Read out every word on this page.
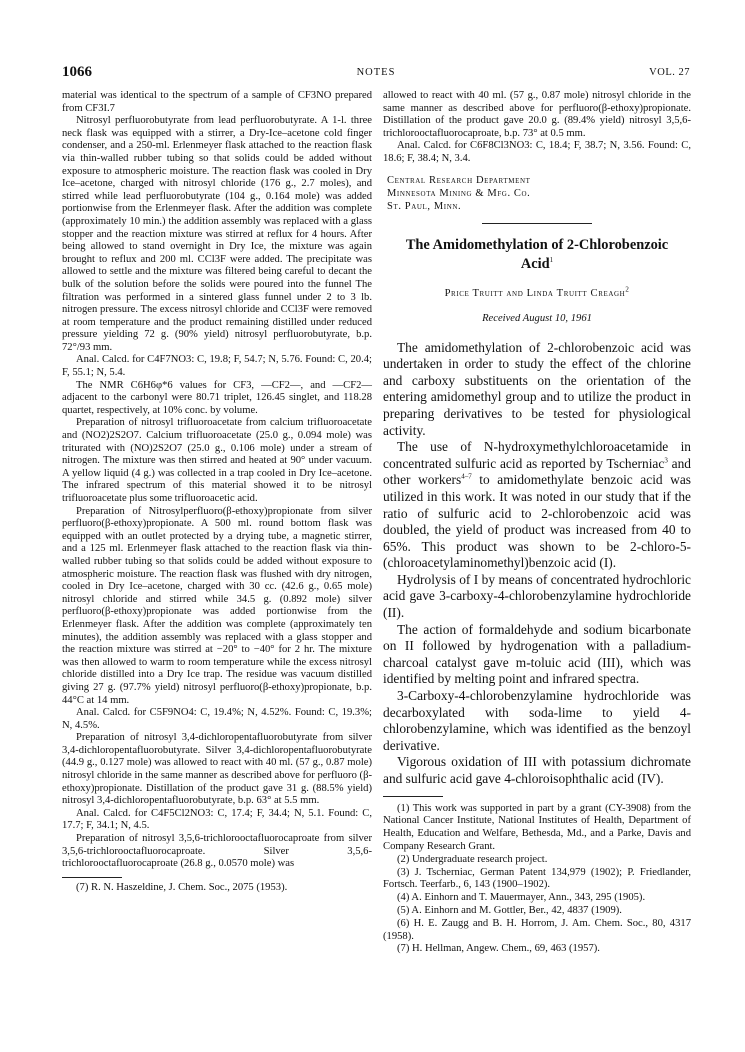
1066	NOTES	VOL. 27

material was identical to the spectrum of a sample of CF3NO prepared from CF3I.7

Nitrosyl perfluorobutyrate from lead perfluorobutyrate. A 1-l. three neck flask was equipped with a stirrer, a Dry-Ice–acetone cold finger condenser, and a 250-ml. Erlenmeyer flask attached to the reaction flask via thin-walled rubber tubing so that solids could be added without exposure to atmospheric moisture. The reaction flask was cooled in Dry Ice–acetone, charged with nitrosyl chloride (176 g., 2.7 moles), and stirred while lead perfluorobutyrate (104 g., 0.164 mole) was added portionwise from the Erlenmeyer flask. After the addition was complete (approximately 10 min.) the addition assembly was replaced with a glass stopper and the reaction mixture was stirred at reflux for 4 hours. After being allowed to stand overnight in Dry Ice, the mixture was again brought to reflux and 200 ml. CCl3F were added. The precipitate was allowed to settle and the mixture was filtered being careful to decant the bulk of the solution before the solids were poured into the funnel The filtration was performed in a sintered glass funnel under 2 to 3 lb. nitrogen pressure. The excess nitrosyl chloride and CCl3F were removed at room temperature and the product remaining distilled under reduced pressure yielding 72 g. (90% yield) nitrosyl perfluorobutyrate, b.p. 72°/93 mm.

Anal. Calcd. for C4F7NO3: C, 19.8; F, 54.7; N, 5.76. Found: C, 20.4; F, 55.1; N, 5.4.

The NMR C6H6φ*6 values for CF3, —CF2—, and —CF2— adjacent to the carbonyl were 80.71 triplet, 126.45 singlet, and 118.28 quartet, respectively, at 10% conc. by volume.

Preparation of nitrosyl trifluoroacetate from calcium trifluoroacetate and (NO2)2S2O7. Calcium trifluoroacetate (25.0 g., 0.094 mole) was triturated with (NO)2S2O7 (25.0 g., 0.106 mole) under a stream of nitrogen. The mixture was then stirred and heated at 90° under vacuum. A yellow liquid (4 g.) was collected in a trap cooled in Dry Ice–acetone. The infrared spectrum of this material showed it to be nitrosyl trifluoroacetate plus some trifluoroacetic acid.

Preparation of Nitrosylperfluoro(β-ethoxy)propionate from silver perfluoro(β-ethoxy)propionate. A 500 ml. round bottom flask was equipped with an outlet protected by a drying tube, a magnetic stirrer, and a 125 ml. Erlenmeyer flask attached to the reaction flask via thin-walled rubber tubing so that solids could be added without exposure to atmospheric moisture. The reaction flask was flushed with dry nitrogen, cooled in Dry Ice–acetone, charged with 30 cc. (42.6 g., 0.65 mole) nitrosyl chloride and stirred while 34.5 g. (0.892 mole) silver perfluoro(β-ethoxy)propionate was added portionwise from the Erlenmeyer flask. After the addition was complete (approximately ten minutes), the addition assembly was replaced with a glass stopper and the reaction mixture was stirred at −20° to −40° for 2 hr. The mixture was then allowed to warm to room temperature while the excess nitrosyl chloride distilled into a Dry Ice trap. The residue was vacuum distilled giving 27 g. (97.7% yield) nitrosyl perfluoro(β-ethoxy)propionate, b.p. 44°C at 14 mm.

Anal. Calcd. for C5F9NO4: C, 19.4%; N, 4.52%. Found: C, 19.3%; N, 4.5%.

Preparation of nitrosyl 3,4-dichloropentafluorobutyrate from silver 3,4-dichloropentafluorobutyrate. Silver 3,4-dichloropentafluorobutyrate (44.9 g., 0.127 mole) was allowed to react with 40 ml. (57 g., 0.87 mole) nitrosyl chloride in the same manner as described above for perfluoro (β-ethoxy)propionate. Distillation of the product gave 31 g. (88.5% yield) nitrosyl 3,4-dichloropentafluorobutyrate, b.p. 63° at 5.5 mm.

Anal. Calcd. for C4F5Cl2NO3: C, 17.4; F, 34.4; N, 5.1. Found: C, 17.7; F, 34.1; N, 4.5.

Preparation of nitrosyl 3,5,6-trichlorooctafluorocaproate from silver 3,5,6-trichlorooctafluorocaproate. Silver 3,5,6-trichlorooctafluorocaproate (26.8 g., 0.0570 mole) was

(7) R. N. Haszeldine, J. Chem. Soc., 2075 (1953).

allowed to react with 40 ml. (57 g., 0.87 mole) nitrosyl chloride in the same manner as described above for perfluoro(β-ethoxy)propionate. Distillation of the product gave 20.0 g. (89.4% yield) nitrosyl 3,5,6-trichlorooctafluorocaproate, b.p. 73° at 0.5 mm.

Anal. Calcd. for C6F8Cl3NO3: C, 18.4; F, 38.7; N, 3.56. Found: C, 18.6; F, 38.4; N, 3.4.

Central Research Department
Minnesota Mining & Mfg. Co.
St. Paul, Minn.
The Amidomethylation of 2-Chlorobenzoic
Acid$^1$
Price Truitt and Linda Truitt Creagh$^2$
Received August 10, 1961

The amidomethylation of 2-chlorobenzoic acid was undertaken in order to study the effect of the chlorine and carboxy substituents on the orientation of the entering amidomethyl group and to utilize the product in preparing derivatives to be tested for physiological activity.

The use of N-hydroxymethylchloroacetamide in concentrated sulfuric acid as reported by Tscherniac$^3$ and other workers$^{4-7}$ to amidomethylate benzoic acid was utilized in this work. It was noted in our study that if the ratio of sulfuric acid to 2-chlorobenzoic acid was doubled, the yield of product was increased from 40 to 65%. This product was shown to be 2-chloro-5-(chloroacetylaminomethyl)benzoic acid (I).

Hydrolysis of I by means of concentrated hydrochloric acid gave 3-carboxy-4-chlorobenzylamine hydrochloride (II).

The action of formaldehyde and sodium bicarbonate on II followed by hydrogenation with a palladium-charcoal catalyst gave m-toluic acid (III), which was identified by melting point and infrared spectra.

3-Carboxy-4-chlorobenzylamine hydrochloride was decarboxylated with soda-lime to yield 4-chlorobenzylamine, which was identified as the benzoyl derivative.

Vigorous oxidation of III with potassium dichromate and sulfuric acid gave 4-chloroisophthalic acid (IV).

(1) This work was supported in part by a grant (CY-3908) from the National Cancer Institute, National Institutes of Health, Department of Health, Education and Welfare, Bethesda, Md., and a Parke, Davis and Company Research Grant.

(2) Undergraduate research project.

(3) J. Tscherniac, German Patent 134,979 (1902); P. Friedlander, Fortsch. Teerfarb., 6, 143 (1900–1902).

(4) A. Einhorn and T. Mauermayer, Ann., 343, 295 (1905).

(5) A. Einhorn and M. Gottler, Ber., 42, 4837 (1909).

(6) H. E. Zaugg and B. H. Horrom, J. Am. Chem. Soc., 80, 4317 (1958).

(7) H. Hellman, Angew. Chem., 69, 463 (1957).
